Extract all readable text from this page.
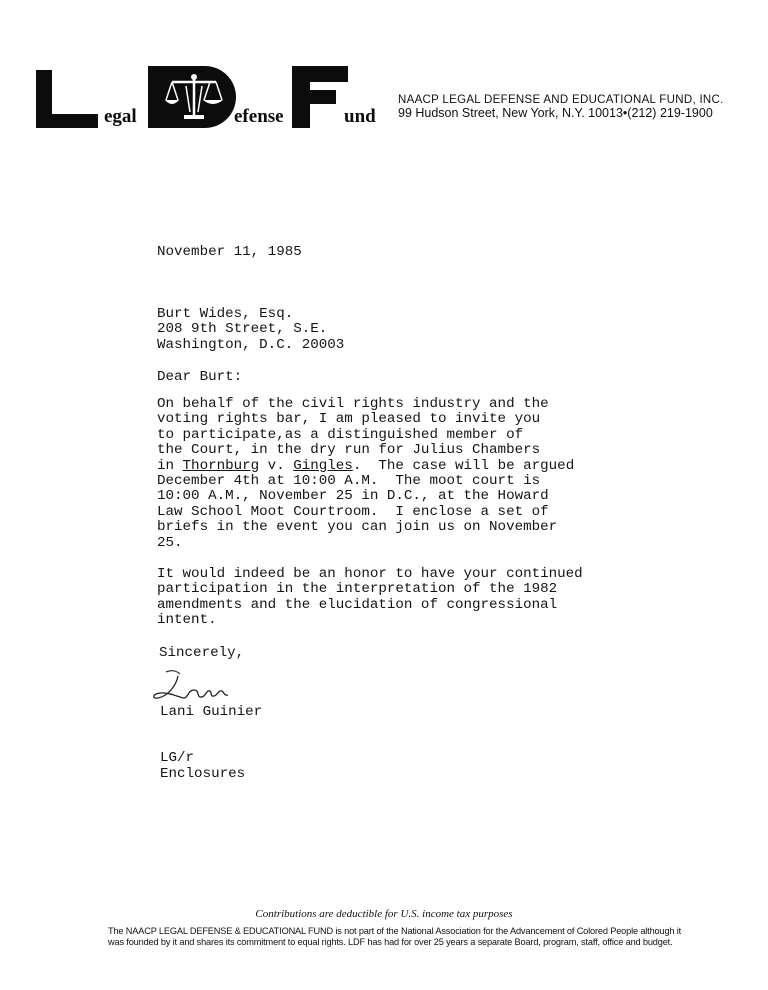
egal	efense	und
NAACP LEGAL DEFENSE AND EDUCATIONAL FUND, INC.
99 Hudson Street, New York, N.Y. 10013•(212) 219-1900
November 11, 1985
Burt Wides, Esq.
208 9th Street, S.E.
Washington, D.C. 20003
Dear Burt:
On behalf of the civil rights industry and the
voting rights bar, I am pleased to invite you
to participate,as a distinguished member of
the Court, in the dry run for Julius Chambers
in Thornburg v. Gingles.  The case will be argued
December 4th at 10:00 A.M.  The moot court is
10:00 A.M., November 25 in D.C., at the Howard
Law School Moot Courtroom.  I enclose a set of
briefs in the event you can join us on November
25.
It would indeed be an honor to have your continued
participation in the interpretation of the 1982
amendments and the elucidation of congressional
intent.
Sincerely,
Lani Guinier
LG/r
Enclosures
Contributions are deductible for U.S. income tax purposes
The NAACP LEGAL DEFENSE & EDUCATIONAL FUND is not part of the National Association for the Advancement of Colored People although it
was founded by it and shares its commitment to equal rights. LDF has had for over 25 years a separate Board, program, staff, office and budget.
